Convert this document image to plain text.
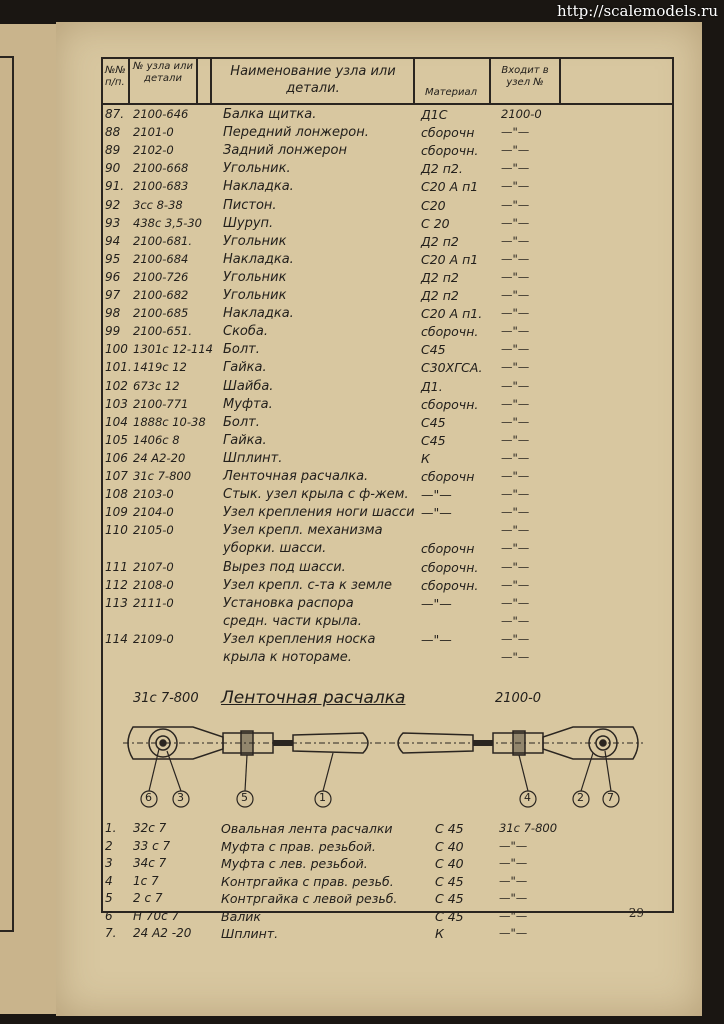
http://scalemodels.ru
№№ п/п.
№ узла или детали	Наименование узла или детали.	Материал
Входит в узел №
87. 2100-646	Балка щитка.	Д1С	2100-0
88 2101-0	Передний лонжерон.	сборочн —"—
89 2102-0	Задний лонжерон	сборочн. —"—
90 2100-668	Угольник.	Д2 п2.	—"—
91. 2100-683	Накладка.	С20 А п1 —"—
92 3сс 8-38	Пистон.	С20	—"—
93 438с 3,5-30 Шуруп.	С 20	—"—
94 2100-681. Угольник	Д2 п2	—"—
95 2100-684	Накладка.	С20 А п1 —"—
96 2100-726	Угольник	Д2 п2	—"—
97 2100-682	Угольник	Д2 п2	—"—
98 2100-685	Накладка.	С20 А п1. —"—
99 2100-651. Скоба.	сборочн. —"—
100 1301с 12-114 Болт.	С45	—"—
101. 1419с 12	Гайка.	С30ХГСА. —"—
102 673с 12	Шайба.	Д1.	—"—
103 2100-771	Муфта.	сборочн. —"—
104 1888с 10-38 Болт.	С45	—"—
105 1406с 8	Гайка.	С45	—"—
106 24 А2-20	Шплинт.	К	—"—
107 31с 7-800 Ленточная расчалка.	сборочн —"—
108 2103-0	Стык. узел крыла с ф-жем. —"—	—"—
109 2104-0	Узел крепления ноги шасси —"—	—"—
110 2105-0	Узел крепл. механизма	—"—
уборки. шасси.	сборочн —"—
111 2107-0	Вырез под шасси.	сборочн. —"—
112 2108-0	Узел крепл. с-та к земле сборочн. —"—
113 2111-0	Установка распора	—"—	—"—
средн. части крыла.	—"—
114 2109-0	Узел крепления носка	—"—	—"—
крыла к нотораме.	—"—
31с 7-800 Ленточная расчалка	2100-0
6 3	5	1	4	2 7
1. 32с 7	Овальная лента расчалки	С 45	31с 7-800
2 33 с 7	Муфта с прав. резьбой.	С 40	—"—
3 34с 7	Муфта с лев. резьбой.	С 40	—"—
4 1с 7	Контргайка с прав. резьб.	С 45	—"—
5 2 с 7	Контргайка с левой резьб.	С 45	—"—
6 Н 70с 7	Валик	С 45	—"—
7. 24 А2 -20 Шплинт.	К	—"—
29
